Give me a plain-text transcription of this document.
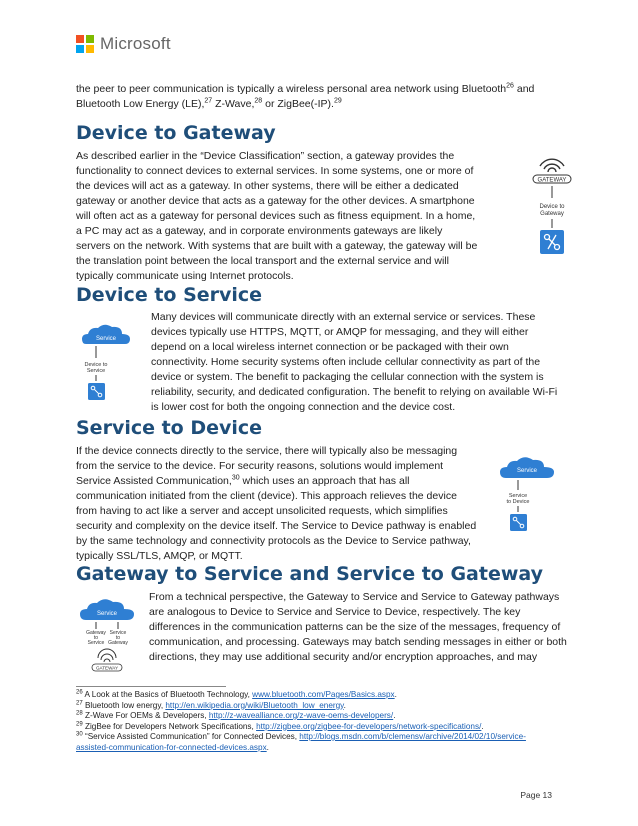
Microsoft
the peer to peer communication is typically a wireless personal area network using Bluetooth$^{26}$ and
Bluetooth Low Energy (LE),$^{27}$ Z-Wave,$^{28}$ or ZigBee(-IP).$^{29}$
Device to Gateway
As described earlier in the “Device Classification” section, a gateway provides the functionality to connect devices to external services. In some systems, one or more of the devices will act as a gateway. In other systems, there will be either a dedicated gateway or another device that acts as a gateway for the other devices. A smartphone will often act as a gateway for personal devices such as fitness equipment. In a home, a PC may act as a gateway, and in corporate environments gateways are likely servers on the network. With systems that are built with a gateway, the gateway will be the translation point between the local transport and the external service and will typically communicate using Internet protocols.
GATEWAY
Device to
Gateway
Device to Service
Many devices will communicate directly with an external service or services. These devices typically use HTTPS, MQTT, or AMQP for messaging, and they will either depend on a local wireless internet connection or be packaged with their own connectivity. Home security systems often include cellular connectivity as part of the device or system. The benefit to packaging the cellular connection with the system is reliability, security, and dedicated configuration. The benefit to relying on available Wi-Fi is lower cost for both the ongoing connection and the device cost.
Service
Device to
Service
Service to Device
If the device connects directly to the service, there will typically also be messaging from the service to the device. For security reasons, solutions would implement Service Assisted Communication,$^{30}$ which uses an approach that has all communication initiated from the client (device). This approach relieves the device from having to act like a server and accept unsolicited requests, which simplifies security and complexity on the device itself. The Service to Device pathway is enabled by the same technology and connectivity protocols as the Device to Service pathway, typically SSL/TLS, AMQP, or MQTT.
Service
Service
to Device
Gateway to Service and Service to Gateway
From a technical perspective, the Gateway to Service and Service to Gateway pathways are analogous to Device to Service and Service to Device, respectively. The key differences in the communication patterns can be the size of the messages, frequency of communication, and processing. Gateways may batch sending messages in either or both directions, they may use additional security and/or encryption approaches, and may
Service
Gateway
to
Service
Service
to
Gateway
GATEWAY
$^{26}$ A Look at the Basics of Bluetooth Technology, www.bluetooth.com/Pages/Basics.aspx.
$^{27}$ Bluetooth low energy, http://en.wikipedia.org/wiki/Bluetooth_low_energy.
$^{28}$ Z-Wave For OEMs & Developers, http://z-wavealliance.org/z-wave-oems-developers/.
$^{29}$ ZigBee for Developers Network Specifications, http://zigbee.org/zigbee-for-developers/network-specifications/.
$^{30}$ “Service Assisted Communication” for Connected Devices, http://blogs.msdn.com/b/clemensv/archive/2014/02/10/service-
assisted-communication-for-connected-devices.aspx.
Page 13
